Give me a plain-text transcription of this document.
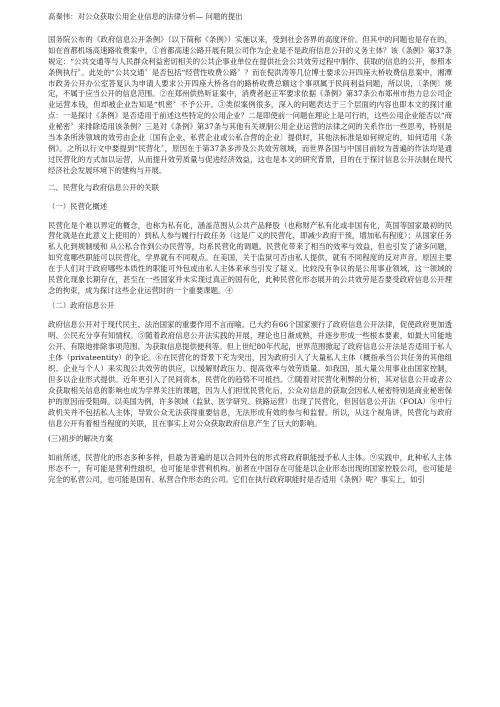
高秦伟：对公众获取公用企业信息的法律分析— 问题的提出

国务院公布的《政府信息公开条例》（以下简称《条例》）实施以来，受到社会各界的高度评价。但其中的问题也是存在的，如在首都机场高速路收费案中，①首都高速公路开展有限公司作为企业是不是政府信息公开的义务主体？该《条例》第37条规定：“公共交通等与人民群众利益密切相关的公共企事业单位在提供社会公共效劳过程中制作、获取的信息的公开，参照本条例执行〞。此处的“公共交通〞是否包括“经营性收费公路〞？而在倪洪涛等几位博士要求公开四座大桥收费信息案中，湘潭市政务公开办公室答复认为申请人要求公开四座大桥各自的路桥收费总额这个事项属于民间利益问题，所以说，〔条例〕规定，不属于应当公开的信息范围。②在郑州供热听证案中，消费者赵正军要求依据《条例》第37条公布郑州市热力总公司企业运营本钱，但却被企业告知是“机密〞不予公开。③类似案例很多，深入的问题表达于三个层面的内容也即本文的探讨重点：一是探讨《条例》是否适用于前述这些特定的公用企业？二是即使前一问题在理论上是可行的，这些公用企业能否以“商业秘密〞来排除适用该条例？三是对《条例》第37条与其他有关规制公用企业运营的法律之间的关系作出一些思考，特别是当本条所涉领域的效劳由企业〔国有企业、私营企业或公私合营的企业〕提供时，其他法标准是如何规定的，如何适用《条例》。之所以行文中要提到“民营化〞，原因在于第37条多涉及公共效劳领域，而世界各国与中国目前较为普遍的作法均是通过民营化的方式加以运营，从而提升效劳质量与促进经济效益，这也是本文的研究背景，目的在于探讨信息公开法制在现代经济社会发展环境下的建构与开展。

二、民营化与政府信息公开的关联

（一）民营化概述

民营化是个难以界定的概念，也称为私有化，涵盖范围从公共产品释股（也称财产私有化或非国有化，英国等国家最初的民营化就是在此意义上使用的）到私人参与履行行政任务（这是广义的民营化，即减少政府干预，增加私有程度）；从国家任务私人化到规制缓和 从公私合作到公办民营等，均系民营化的调题。民营化带来了相当的效率与效益，但也引发了诸多问题，如究竟哪些职能可以民营化，学界就有不同观点。在美国，关于监狱可否由私人提供，就有不同程度的反对声音。原因主要在于人们对于政府哪些本质性的职能可外包或由私人主体来承当引发了疑义。比较没有争议的是公用事业领域，这一领域的民营化现象长期存在，甚至在一些国家并未实现过真正的国有化，此种民营化形态展开的公共效劳是否要受政府信息公开理念的拘束，成为探讨这些企业运营时的一个重要课题。④

（二）政府信息公开

政府信息公开对于现代民主、法治国家的重要作用不言而喻。已大约有66个国家颁行了政府信息公开法律，促使政府更加透明、公民充分享有知情权。⑤随着政府信息公开法实践的开展，理论也日渐成熟，并逐步形成一些根本要素，如最大可能地公开、有限地排除事项范围、为获取信息提供便利等。但上世纪80年代起，世界范围掀起了政府信息公开法是否适用于私人主体（privateentity）的争论。⑥在民营化的背景下充为突出，因为政府引入了大量私人主体（概指承当公共任务的其他组织、企业与个人）来实现公共效劳的供应，以缓解财政压力、提高效率与效劳质量。如我国，虽大量公用事业由国家控制，但多以企业形式提供。近年更引入了民间资本，民营化的趋势不可抵挡。⑦随着对民营化利弊的分析，其对信息公开或者公众获取相关信息的影响也成为学界关注的课题，因为人们担忧民营化后，公众对信息的获取会因私人秘密特别是商业秘密保护的原因而受阻碍。以美国为例，许多领域（监狱、医学研究、铁路运营）出现了民营化，但因信息公开法（FOIA）⑧中行政机关并不包括私人主体，导致公众无法获得重要信息，无法形成有效的参与和监督。所以，从这个视角讲，民营化与政府信息公开有着相当程度的关联，且在事实上对公众获取政府信息产生了巨大的影响。

(三)初步的解决方案

如前所述，民营化的形态多种多样，但最为普遍的是以合同外包的形式将政府职能授予私人主体。⑨实践中，此种私人主体形态不一，有可能是营利性组织，也可能是非营利机构。前者在中国存在可能是以企业形态出现的国家控股公司，也可能是完全的私营公司，也可能是国有、私营合作形态的公司。它们在执行政府职能时是否适用《条例》呢？事实上，如引
